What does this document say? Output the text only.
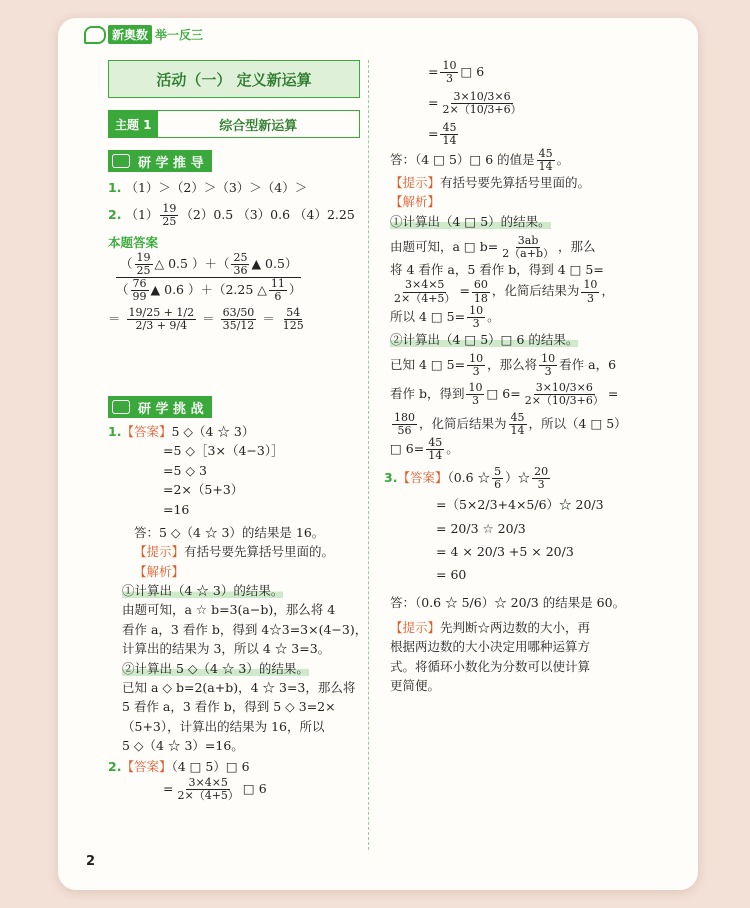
新奥数 举一反三
活动（一） 定义新运算
主题 1	综合型新运算
研 学 推 导
1. （1）＞（2）＞（3）＞（4）＞
2. $(1) \frac{19}{25} (2)0.5$ （3）0.6̇ （4）2.25
本题答案
$\frac{( \frac{19}{25} \triangle 0.5̇ )+( \frac{25}{36} ▲ 0.5)}{( \frac{76}{99} ▲ 0.6̇ )+(2.25 \triangle \frac{11}{6} )}$
＝ $\frac{19/25 + 1/2}{2/3 + 9/4} = \frac{63/50}{35/12} = \frac{54}{125}$
研 学 挑 战
1.【答案】5 ◇（4 ☆ 3）
=5 ◇［3×（4−3）］
=5 ◇ 3
=2×（5+3）
=16
答：5 ◇（4 ☆ 3）的结果是 16。
【提示】有括号要先算括号里面的。
【解析】
①计算出（4 ☆ 3）的结果。
由题可知，a ☆ b=3(a−b)，那么将 4
看作 a，3 看作 b，得到 4☆3=3×(4−3)，
计算出的结果为 3，所以 4 ☆ 3=3。
②计算出 5 ◇（4 ☆ 3）的结果。
已知 a ◇ b=2(a+b)，4 ☆ 3=3，那么将
5 看作 a，3 看作 b，得到 5 ◇ 3=2×
（5+3），计算出的结果为 16，所以
5 ◇（4 ☆ 3）=16。
2.【答案】（4 □ 5）□ 6
= $\frac{3\times 4\times 5}{2\times(4+5)}$ □ 6
= $\frac{10}{3}$ □ 6
= $\frac{3\times 10/3\times 6}{2\times(10/3+6)}$
= $\frac{45}{14}$
答：（4 □ 5）□ 6 的值是 $\frac{45}{14}$ 。
【提示】有括号要先算括号里面的。
【解析】
①计算出（4 □ 5）的结果。
由题可知，a □ $b= \frac{3ab}{2(a+b)}$ ，那么
将 4 看作 a，5 看作 b，得到 4 □ 5=
$\frac{3\times 4\times 5}{2\times(4+5)} = \frac{60}{18}$ ，化简后结果为 $\frac{10}{3}$ ，
所以 4 □ $5= \frac{10}{3}$ 。
②计算出（4 □ 5）□ 6 的结果。
已知 4 □ $5= \frac{10}{3}$ ，那么将 $\frac{10}{3}$ 看作 a，6
看作 b，得到 $\frac{10}{3}$ □ $6= \frac{3\times 10/3\times 6}{2\times(10/3+6)}$ =
$\frac{180}{56}$ ，化简后结果为 $\frac{45}{14}$ ，所以（4 □ 5）
□ $6= \frac{45}{14}$ 。
3.【答案】（0.6̇ ☆ $\frac{5}{6}$ ）☆ $\frac{20}{3}$
=（5×2/3+4×5/6）☆ 20/3
= 20/3 ☆ 20/3
= 4 × 20/3 +5 × 20/3
= 60
答：（0.6̇ ☆ 5/6）☆ 20/3 的结果是 60。
【提示】先判断☆两边数的大小，再
根据两边数的大小决定用哪种运算方
式。将循环小数化为分数可以使计算
更简便。
2
